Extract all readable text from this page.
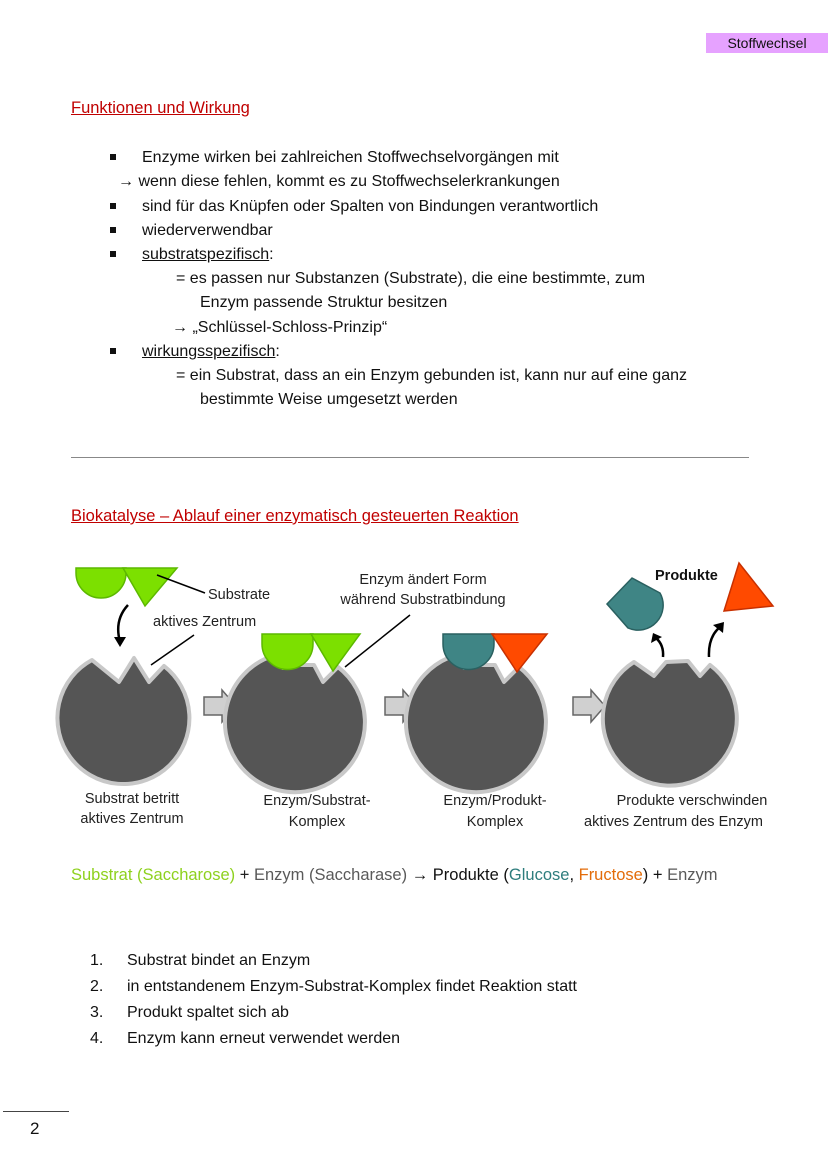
Stoffwechsel
Funktionen und Wirkung
Enzyme wirken bei zahlreichen Stoffwechselvorgängen mit
→ wenn diese fehlen, kommt es zu Stoffwechselerkrankungen
sind für das Knüpfen oder Spalten von Bindungen verantwortlich
wiederverwendbar
substratspezifisch:
= es passen nur Substanzen (Substrate), die eine bestimmte, zum
Enzym passende Struktur besitzen
→ „Schlüssel-Schloss-Prinzip“
wirkungsspezifisch:
= ein Substrat, dass an ein Enzym gebunden ist, kann nur auf eine ganz
bestimmte Weise umgesetzt werden
Biokatalyse – Ablauf einer enzymatisch gesteuerten Reaktion
Substrate
aktives Zentrum
Enzym ändert Form
während Substratbindung
Produkte
Substrat betritt
aktives Zentrum
Enzym/Substrat-
Komplex
Enzym/Produkt-
Komplex
Produkte verschwinden
aktives Zentrum des Enzym
Substrat (Saccharose) + Enzym (Saccharase) → Produkte (Glucose, Fructose) + Enzym
1. Substrat bindet an Enzym
2. in entstandenem Enzym-Substrat-Komplex findet Reaktion statt
3. Produkt spaltet sich ab
4. Enzym kann erneut verwendet werden
2
